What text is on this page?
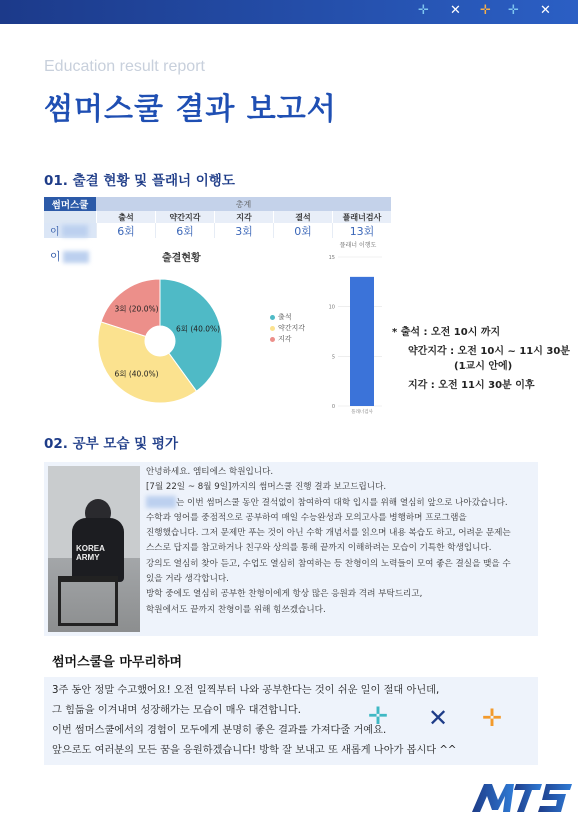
✛ ✕ ✛ ✛ ✕
Education result report
썸머스쿨 결과 보고서
01. 출결 현황 및 플래너 이행도
썸머스쿨	총계
출석	약간지각	지각	결석	플래너검사
이	6회	6회	3회	0회	13회
이	출결현황
6회 (40.0%)
6회 (40.0%)
3회 (20.0%)
출석
약간지각
지각
플래너 이행도
15
10
5
0
플래너검사
* 출석 : 오전 10시 까지
약간지각 : 오전 10시 ~ 11시 30분
(1교시 안에)
지각 : 오전 11시 30분 이후
02. 공부 모습 및 평가
KOREA
ARMY
안녕하세요. 엠티에스 학원입니다.
[7월 22일 ~ 8월 9일]까지의 썸머스쿨 진행 결과 보고드립니다.
는 이번 썸머스쿨 동안 결석없이 참여하여 대학 입시를 위해 열심히 앞으로 나아갔습니다.
수학과 영어를 중점적으로 공부하여 매일 수능완성과 모의고사를 병행하며 프로그램을
진행했습니다. 그저 문제만 푸는 것이 아닌 수학 개념서를 읽으며 내용 복습도 하고, 어려운 문제는
스스로 답지를 참고하거나 친구와 상의를 통해 끝까지 이해하려는 모습이 기특한 학생입니다.
강의도 열심히 찾아 듣고, 수업도 열심히 참여하는 등 찬형이의 노력들이 모여 좋은 결실을 맺을 수
있을 거라 생각합니다.
방학 중에도 열심히 공부한 찬형이에게 항상 많은 응원과 격려 부탁드리고,
학원에서도 끝까지 찬형이를 위해 힘쓰겠습니다.
썸머스쿨을 마무리하며
3주 동안 정말 수고했어요! 오전 일찍부터 나와 공부한다는 것이 쉬운 일이 절대 아닌데,
그 힘듦을 이겨내며 성장해가는 모습이 매우 대견합니다.
이번 썸머스쿨에서의 경험이 모두에게 분명히 좋은 결과를 가져다줄 거예요.
앞으로도 여러분의 모든 꿈을 응원하겠습니다! 방학 잘 보내고 또 새롭게 나아가 봅시다 ^^
✛ ✕ ✛
